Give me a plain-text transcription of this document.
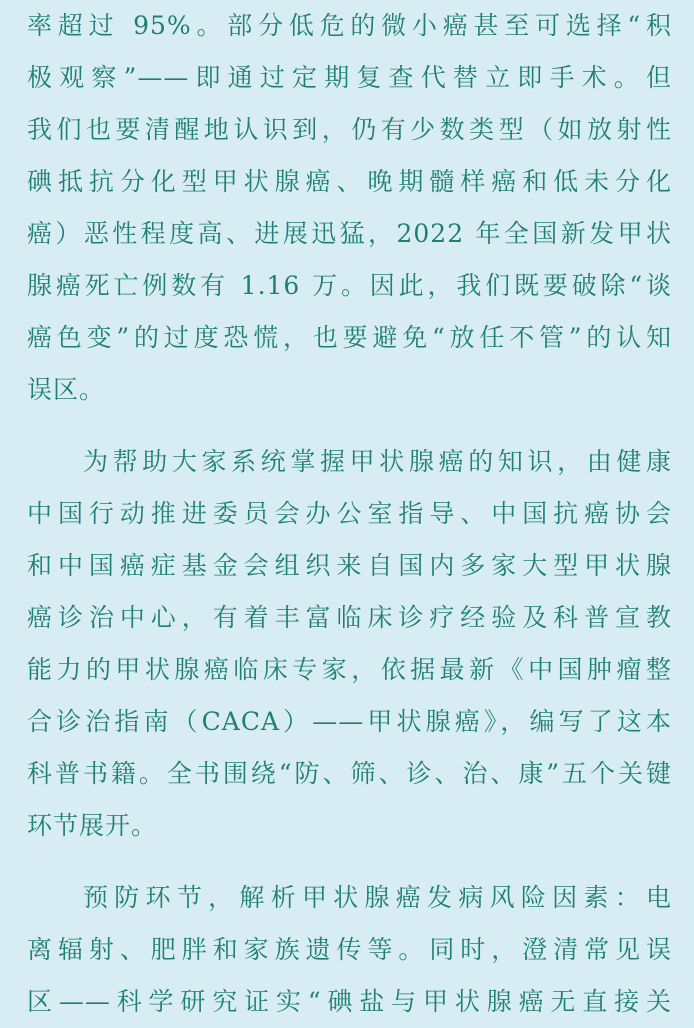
率超过 95%。部分低危的微小癌甚至可选择“积
极观察”——即通过定期复查代替立即手术。但
我们也要清醒地认识到，仍有少数类型（如放射性
碘抵抗分化型甲状腺癌、晚期髓样癌和低未分化
癌）恶性程度高、进展迅猛，2022 年全国新发甲状
腺癌死亡例数有 1.16 万。因此，我们既要破除“谈
癌色变”的过度恐慌，也要避免“放任不管”的认知
误区。
为帮助大家系统掌握甲状腺癌的知识，由健康
中国行动推进委员会办公室指导、中国抗癌协会
和中国癌症基金会组织来自国内多家大型甲状腺
癌诊治中心，有着丰富临床诊疗经验及科普宣教
能力的甲状腺癌临床专家，依据最新《中国肿瘤整
合诊治指南（CACA）——甲状腺癌》，编写了这本
科普书籍。全书围绕“防、筛、诊、治、康”五个关键
环节展开。
预防环节，解析甲状腺癌发病风险因素：电
离辐射、肥胖和家族遗传等。同时，澄清常见误
区——科学研究证实“碘盐与甲状腺癌无直接关
